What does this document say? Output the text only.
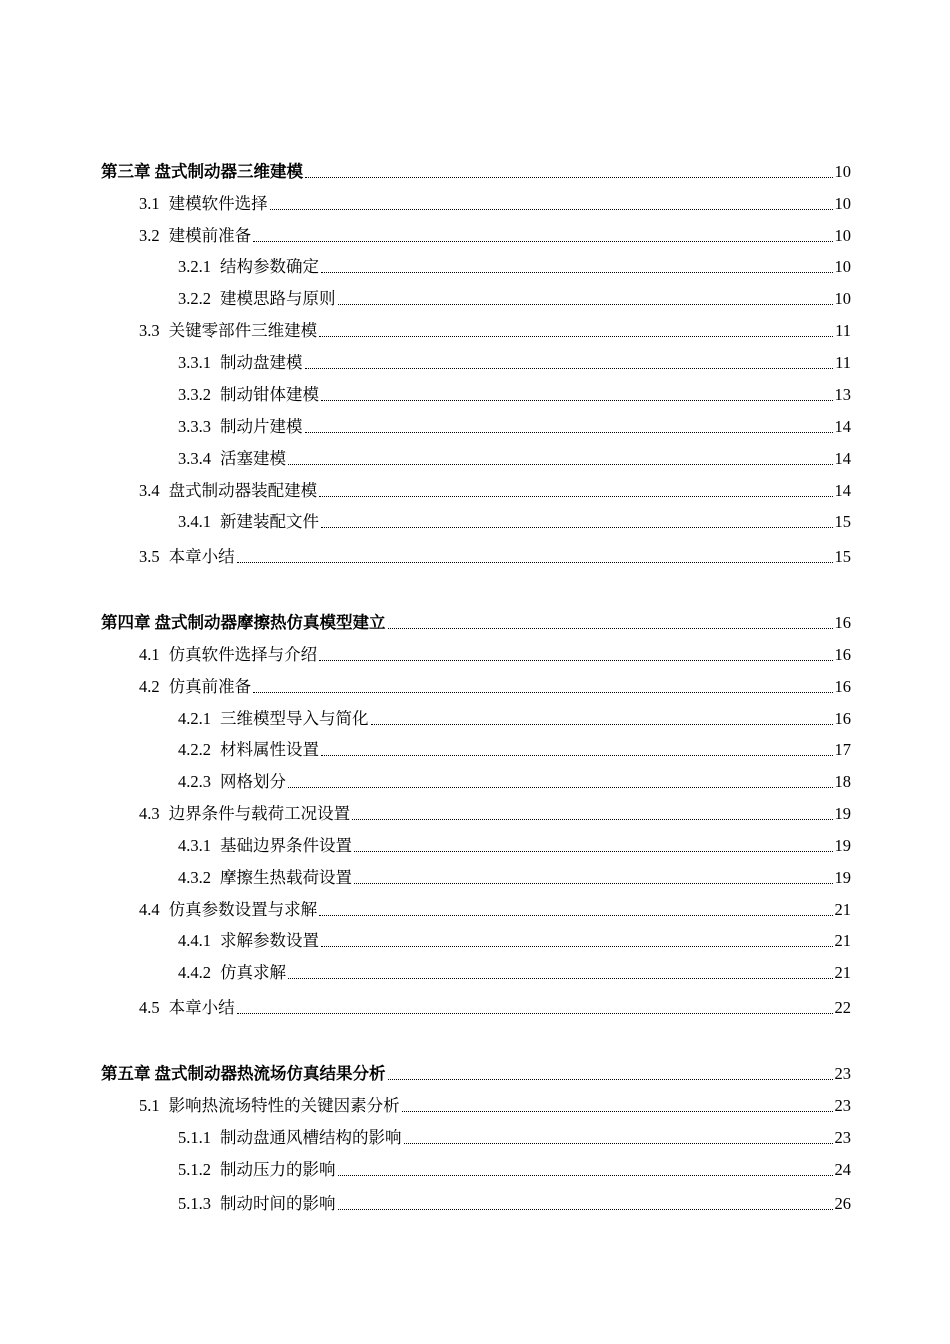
第三章 盘式制动器三维建模	10
3.1 建模软件选择	10
3.2 建模前准备	10
3.2.1 结构参数确定	10
3.2.2 建模思路与原则	10
3.3 关键零部件三维建模	11
3.3.1 制动盘建模	11
3.3.2 制动钳体建模	13
3.3.3 制动片建模	14
3.3.4 活塞建模	14
3.4 盘式制动器装配建模	14
3.4.1 新建装配文件	15
3.5 本章小结	15
第四章 盘式制动器摩擦热仿真模型建立	16
4.1 仿真软件选择与介绍	16
4.2 仿真前准备	16
4.2.1 三维模型导入与简化	16
4.2.2 材料属性设置	17
4.2.3 网格划分	18
4.3 边界条件与载荷工况设置	19
4.3.1 基础边界条件设置	19
4.3.2 摩擦生热载荷设置	19
4.4 仿真参数设置与求解	21
4.4.1 求解参数设置	21
4.4.2 仿真求解	21
4.5 本章小结	22
第五章 盘式制动器热流场仿真结果分析	23
5.1 影响热流场特性的关键因素分析	23
5.1.1 制动盘通风槽结构的影响	23
5.1.2 制动压力的影响	24
5.1.3 制动时间的影响	26
